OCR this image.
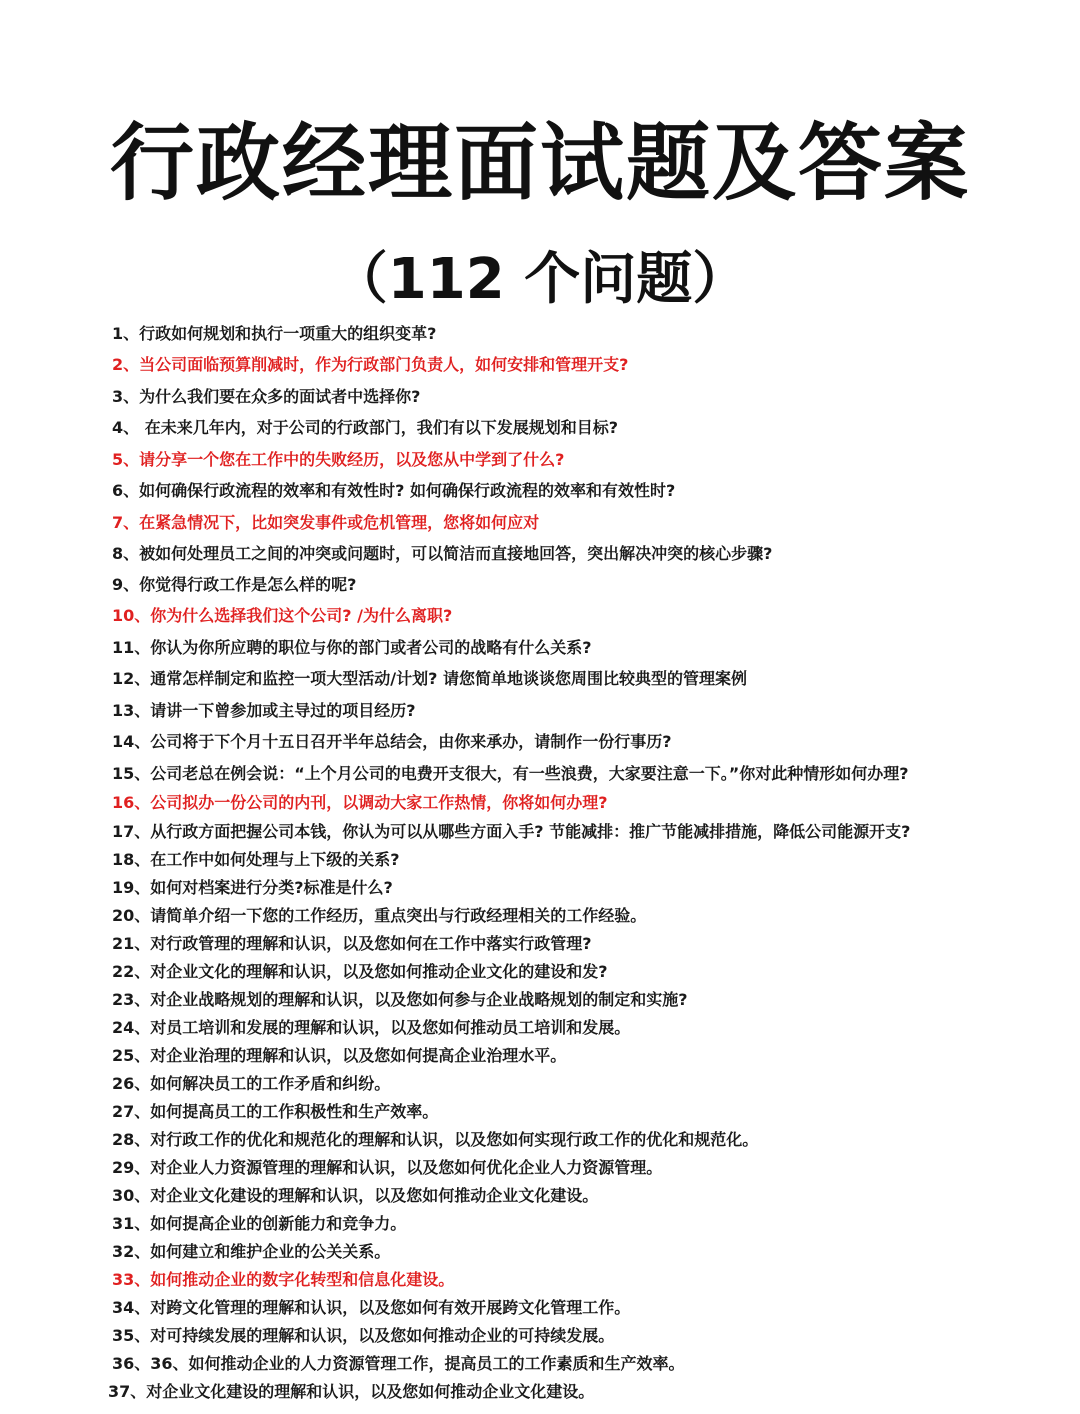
行政经理面试题及答案
（112 个问题）
1、行政如何规划和执行一项重大的组织变革?
2、当公司面临预算削减时，作为行政部门负责人，如何安排和管理开支?
3、为什么我们要在众多的面试者中选择你?
4、 在未来几年内，对于公司的行政部门，我们有以下发展规划和目标?
5、请分享一个您在工作中的失败经历，以及您从中学到了什么?
6、如何确保行政流程的效率和有效性时? 如何确保行政流程的效率和有效性时?
7、在紧急情况下，比如突发事件或危机管理，您将如何应对
8、被如何处理员工之间的冲突或问题时，可以简洁而直接地回答，突出解决冲突的核心步骤?
9、你觉得行政工作是怎么样的呢?
10、你为什么选择我们这个公司? /为什么离职?
11、你认为你所应聘的职位与你的部门或者公司的战略有什么关系?
12、通常怎样制定和监控一项大型活动/计划? 请您简单地谈谈您周围比较典型的管理案例
13、请讲一下曾参加或主导过的项目经历?
14、公司将于下个月十五日召开半年总结会，由你来承办，请制作一份行事历?
15、公司老总在例会说：“上个月公司的电费开支很大，有一些浪费，大家要注意一下。”你对此种情形如何办理?
16、公司拟办一份公司的内刊，以调动大家工作热情，你将如何办理?
17、从行政方面把握公司本钱，你认为可以从哪些方面入手? 节能减排：推广节能减排措施，降低公司能源开支?
18、在工作中如何处理与上下级的关系?
19、如何对档案进行分类?标准是什么?
20、请简单介绍一下您的工作经历，重点突出与行政经理相关的工作经验。
21、对行政管理的理解和认识，以及您如何在工作中落实行政管理?
22、对企业文化的理解和认识，以及您如何推动企业文化的建设和发?
23、对企业战略规划的理解和认识，以及您如何参与企业战略规划的制定和实施?
24、对员工培训和发展的理解和认识，以及您如何推动员工培训和发展。
25、对企业治理的理解和认识，以及您如何提高企业治理水平。
26、如何解决员工的工作矛盾和纠纷。
27、如何提高员工的工作积极性和生产效率。
28、对行政工作的优化和规范化的理解和认识，以及您如何实现行政工作的优化和规范化。
29、对企业人力资源管理的理解和认识，以及您如何优化企业人力资源管理。
30、对企业文化建设的理解和认识，以及您如何推动企业文化建设。
31、如何提高企业的创新能力和竞争力。
32、如何建立和维护企业的公关关系。
33、如何推动企业的数字化转型和信息化建设。
34、对跨文化管理的理解和认识，以及您如何有效开展跨文化管理工作。
35、对可持续发展的理解和认识，以及您如何推动企业的可持续发展。
36、36、如何推动企业的人力资源管理工作，提高员工的工作素质和生产效率。
37、对企业文化建设的理解和认识，以及您如何推动企业文化建设。
